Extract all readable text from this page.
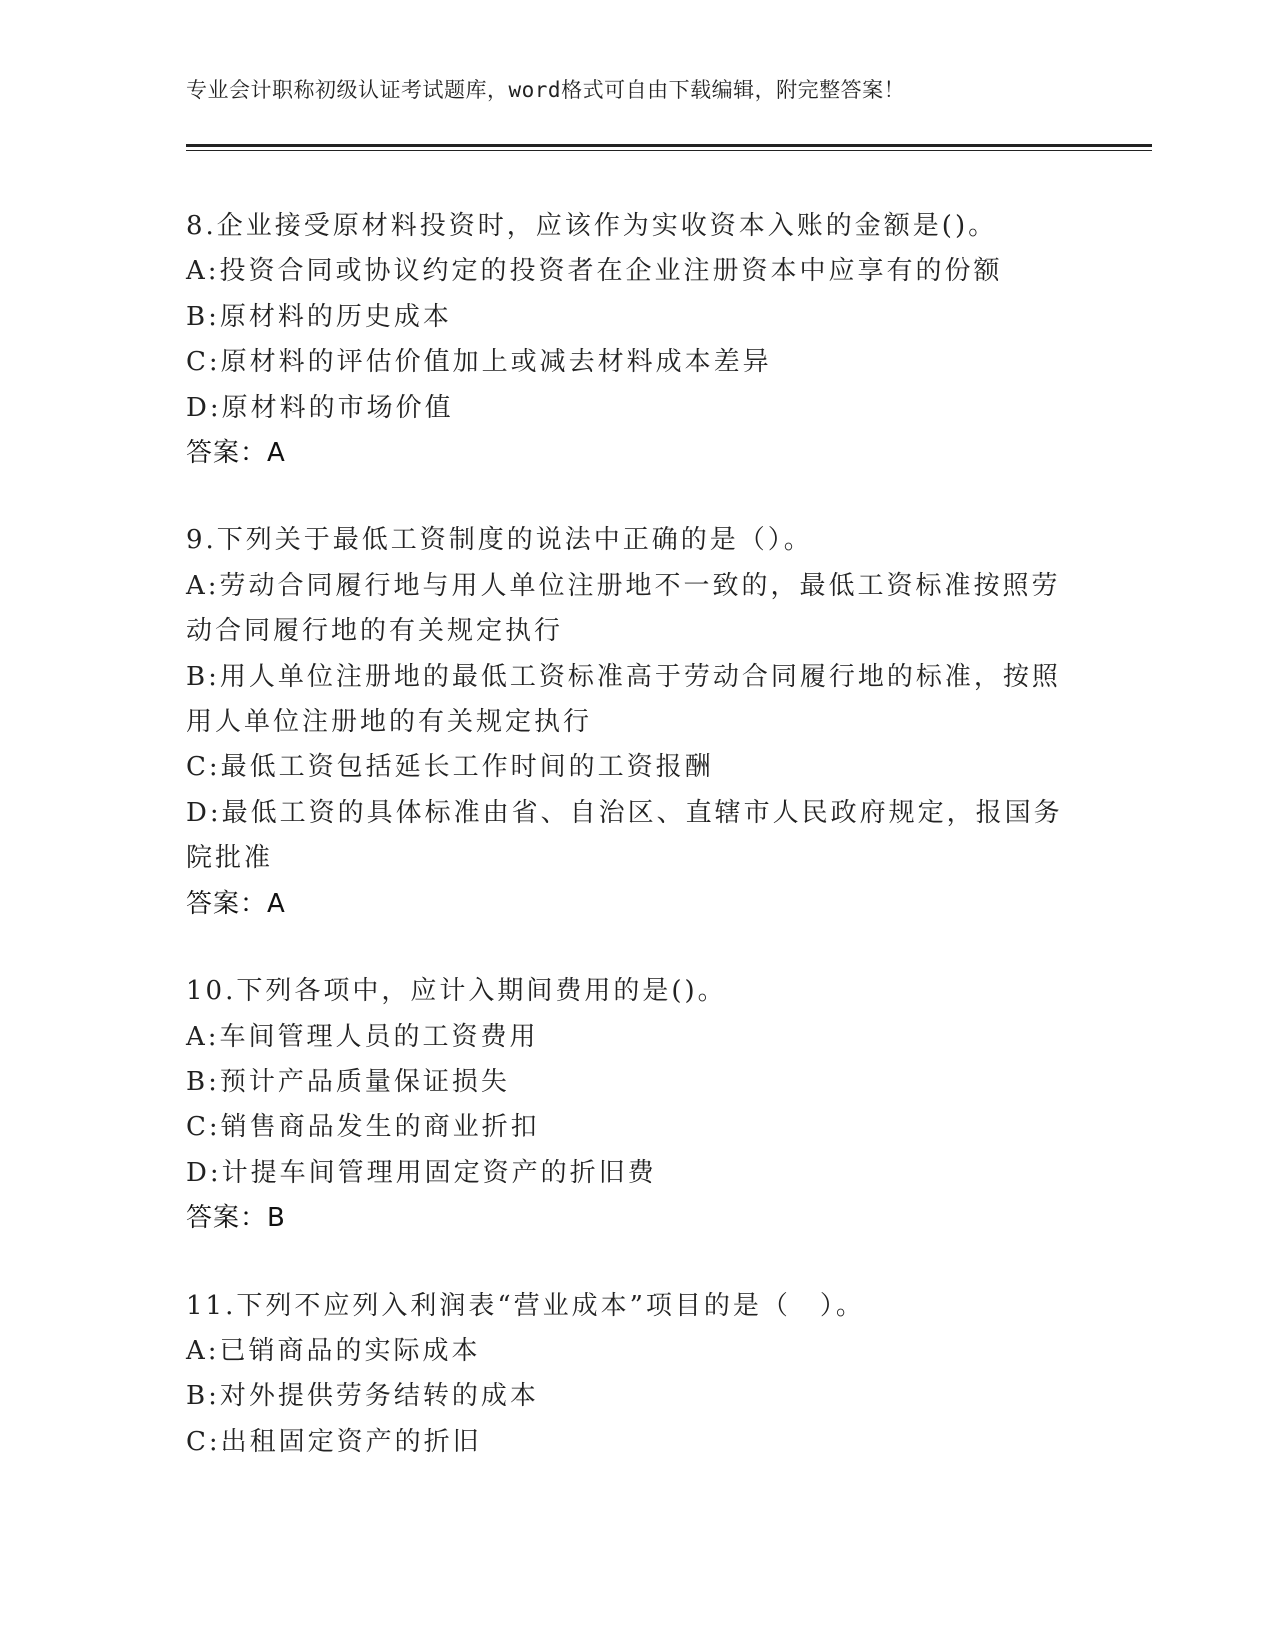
专业会计职称初级认证考试题库，word格式可自由下载编辑，附完整答案！
8.企业接受原材料投资时，应该作为实收资本入账的金额是()。
A:投资合同或协议约定的投资者在企业注册资本中应享有的份额
B:原材料的历史成本
C:原材料的评估价值加上或减去材料成本差异
D:原材料的市场价值
答案：A
9.下列关于最低工资制度的说法中正确的是（）。
A:劳动合同履行地与用人单位注册地不一致的，最低工资标准按照劳动合同履行地的有关规定执行
B:用人单位注册地的最低工资标准高于劳动合同履行地的标准，按照用人单位注册地的有关规定执行
C:最低工资包括延长工作时间的工资报酬
D:最低工资的具体标准由省、自治区、直辖市人民政府规定，报国务院批准
答案：A
10.下列各项中，应计入期间费用的是()。
A:车间管理人员的工资费用
B:预计产品质量保证损失
C:销售商品发生的商业折扣
D:计提车间管理用固定资产的折旧费
答案：B
11.下列不应列入利润表“营业成本”项目的是（　）。
A:已销商品的实际成本
B:对外提供劳务结转的成本
C:出租固定资产的折旧
